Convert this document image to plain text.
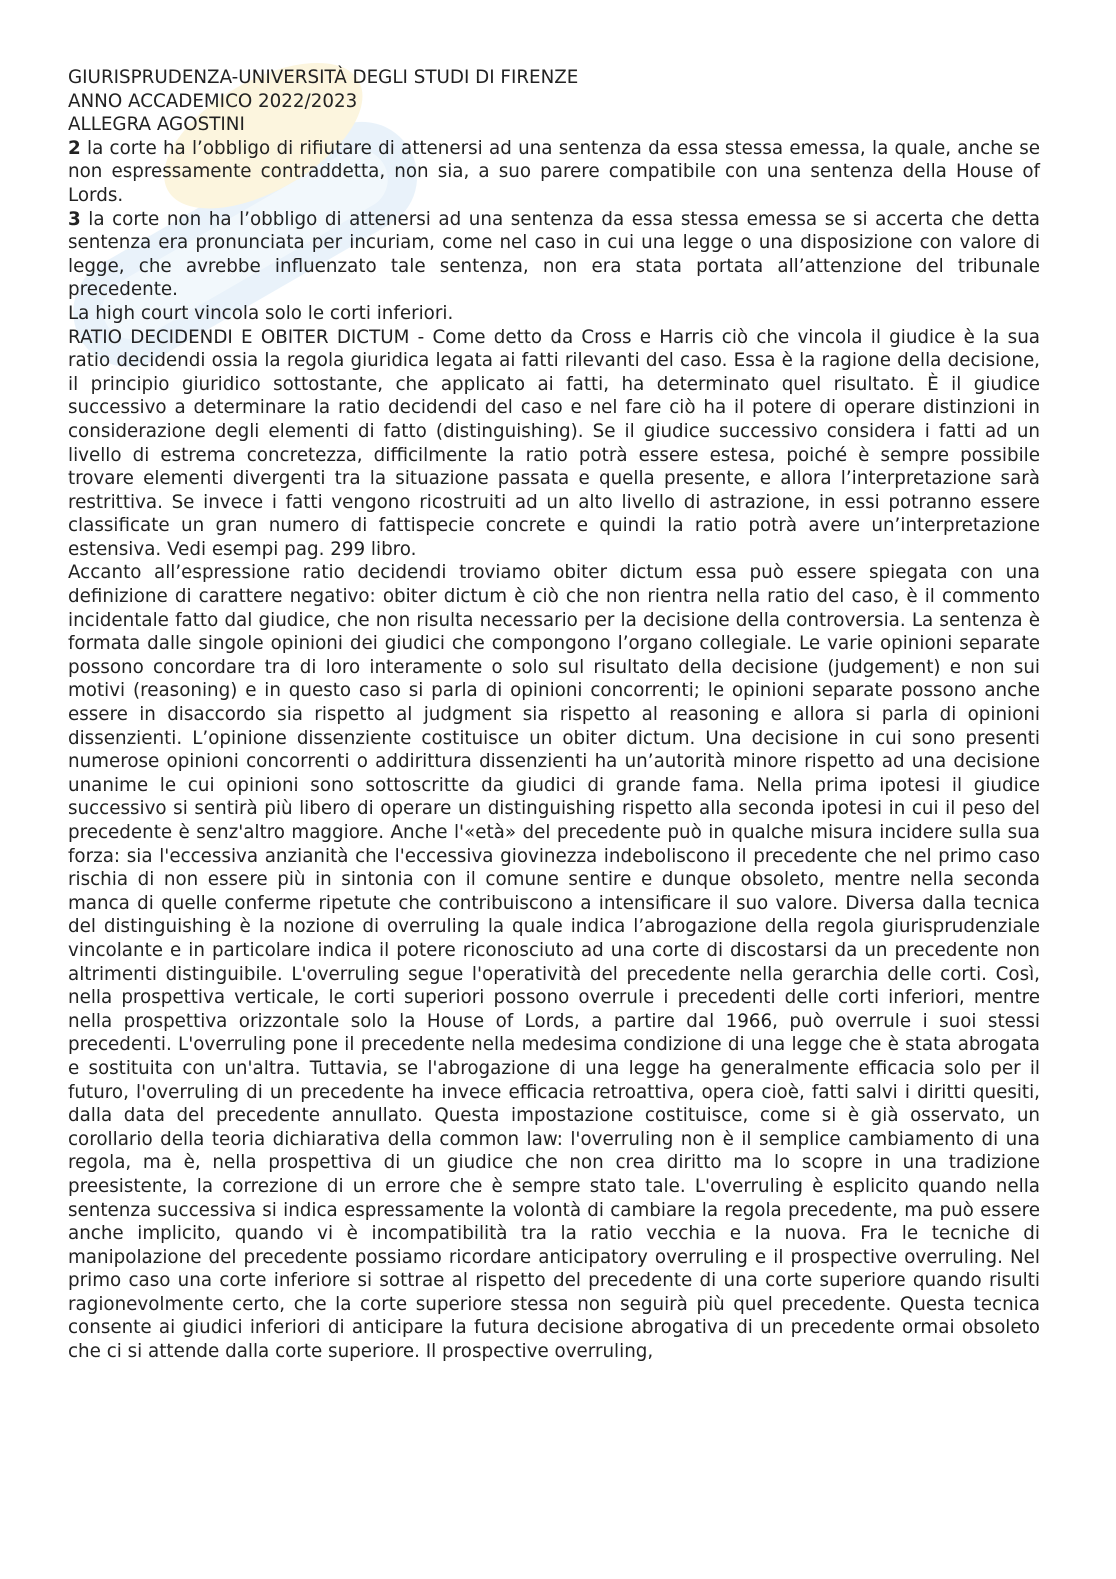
GIURISPRUDENZA-UNIVERSITÀ DEGLI STUDI DI FIRENZE

ANNO ACCADEMICO 2022/2023

ALLEGRA AGOSTINI

2 la corte ha l’obbligo di rifiutare di attenersi ad una sentenza da essa stessa emessa, la quale, anche se non espressamente contraddetta, non sia, a suo parere compatibile con una sentenza della House of Lords.

3 la corte non ha l’obbligo di attenersi ad una sentenza da essa stessa emessa se si accerta che detta sentenza era pronunciata per incuriam, come nel caso in cui una legge o una disposizione con valore di legge, che avrebbe influenzato tale sentenza, non era stata portata all’attenzione del tribunale precedente.

La high court vincola solo le corti inferiori.

RATIO DECIDENDI E OBITER DICTUM - Come detto da Cross e Harris ciò che vincola il giudice è la sua ratio decidendi ossia la regola giuridica legata ai fatti rilevanti del caso. Essa è la ragione della decisione, il principio giuridico sottostante, che applicato ai fatti, ha determinato quel risultato. È il giudice successivo a determinare la ratio decidendi del caso e nel fare ciò ha il potere di operare distinzioni in considerazione degli elementi di fatto (distinguishing). Se il giudice successivo considera i fatti ad un livello di estrema concretezza, difficilmente la ratio potrà essere estesa, poiché è sempre possibile trovare elementi divergenti tra la situazione passata e quella presente, e allora l’interpretazione sarà restrittiva. Se invece i fatti vengono ricostruiti ad un alto livello di astrazione, in essi potranno essere classificate un gran numero di fattispecie concrete e quindi la ratio potrà avere un’interpretazione estensiva. Vedi esempi pag. 299 libro.

Accanto all’espressione ratio decidendi troviamo obiter dictum essa può essere spiegata con una definizione di carattere negativo: obiter dictum è ciò che non rientra nella ratio del caso, è il commento incidentale fatto dal giudice, che non risulta necessario per la decisione della controversia. La sentenza è formata dalle singole opinioni dei giudici che compongono l’organo collegiale. Le varie opinioni separate possono concordare tra di loro interamente o solo sul risultato della decisione (judgement) e non sui motivi (reasoning) e in questo caso si parla di opinioni concorrenti; le opinioni separate possono anche essere in disaccordo sia rispetto al judgment sia rispetto al reasoning e allora si parla di opinioni dissenzienti. L’opinione dissenziente costituisce un obiter dictum. Una decisione in cui sono presenti numerose opinioni concorrenti o addirittura dissenzienti ha un’autorità minore rispetto ad una decisione unanime le cui opinioni sono sottoscritte da giudici di grande fama. Nella prima ipotesi il giudice successivo si sentirà più libero di operare un distinguishing rispetto alla seconda ipotesi in cui il peso del precedente è senz'altro maggiore. Anche l'«età» del precedente può in qualche misura incidere sulla sua forza: sia l'eccessiva anzianità che l'eccessiva giovinezza indeboliscono il precedente che nel primo caso rischia di non essere più in sintonia con il comune sentire e dunque obsoleto, mentre nella seconda manca di quelle conferme ripetute che contribuiscono a intensificare il suo valore. Diversa dalla tecnica del distinguishing è la nozione di overruling la quale indica l’abrogazione della regola giurisprudenziale vincolante e in particolare indica il potere riconosciuto ad una corte di discostarsi da un precedente non altrimenti distinguibile. L'overruling segue l'operatività del precedente nella gerarchia delle corti. Così, nella prospettiva verticale, le corti superiori possono overrule i precedenti delle corti inferiori, mentre nella prospettiva orizzontale solo la House of Lords, a partire dal 1966, può overrule i suoi stessi precedenti. L'overruling pone il precedente nella medesima condizione di una legge che è stata abrogata e sostituita con un'altra. Tuttavia, se l'abrogazione di una legge ha generalmente efficacia solo per il futuro, l'overruling di un precedente ha invece efficacia retroattiva, opera cioè, fatti salvi i diritti quesiti, dalla data del precedente annullato. Questa impostazione costituisce, come si è già osservato, un corollario della teoria dichiarativa della common law: l'overruling non è il semplice cambiamento di una regola, ma è, nella prospettiva di un giudice che non crea diritto ma lo scopre in una tradizione preesistente, la correzione di un errore che è sempre stato tale. L'overruling è esplicito quando nella sentenza successiva si indica espressamente la volontà di cambiare la regola precedente, ma può essere anche implicito, quando vi è incompatibilità tra la ratio vecchia e la nuova. Fra le tecniche di manipolazione del precedente possiamo ricordare anticipatory overruling e il prospective overruling. Nel primo caso una corte inferiore si sottrae al rispetto del precedente di una corte superiore quando risulti ragionevolmente certo, che la corte superiore stessa non seguirà più quel precedente. Questa tecnica consente ai giudici inferiori di anticipare la futura decisione abrogativa di un precedente ormai obsoleto che ci si attende dalla corte superiore. Il prospective overruling,
